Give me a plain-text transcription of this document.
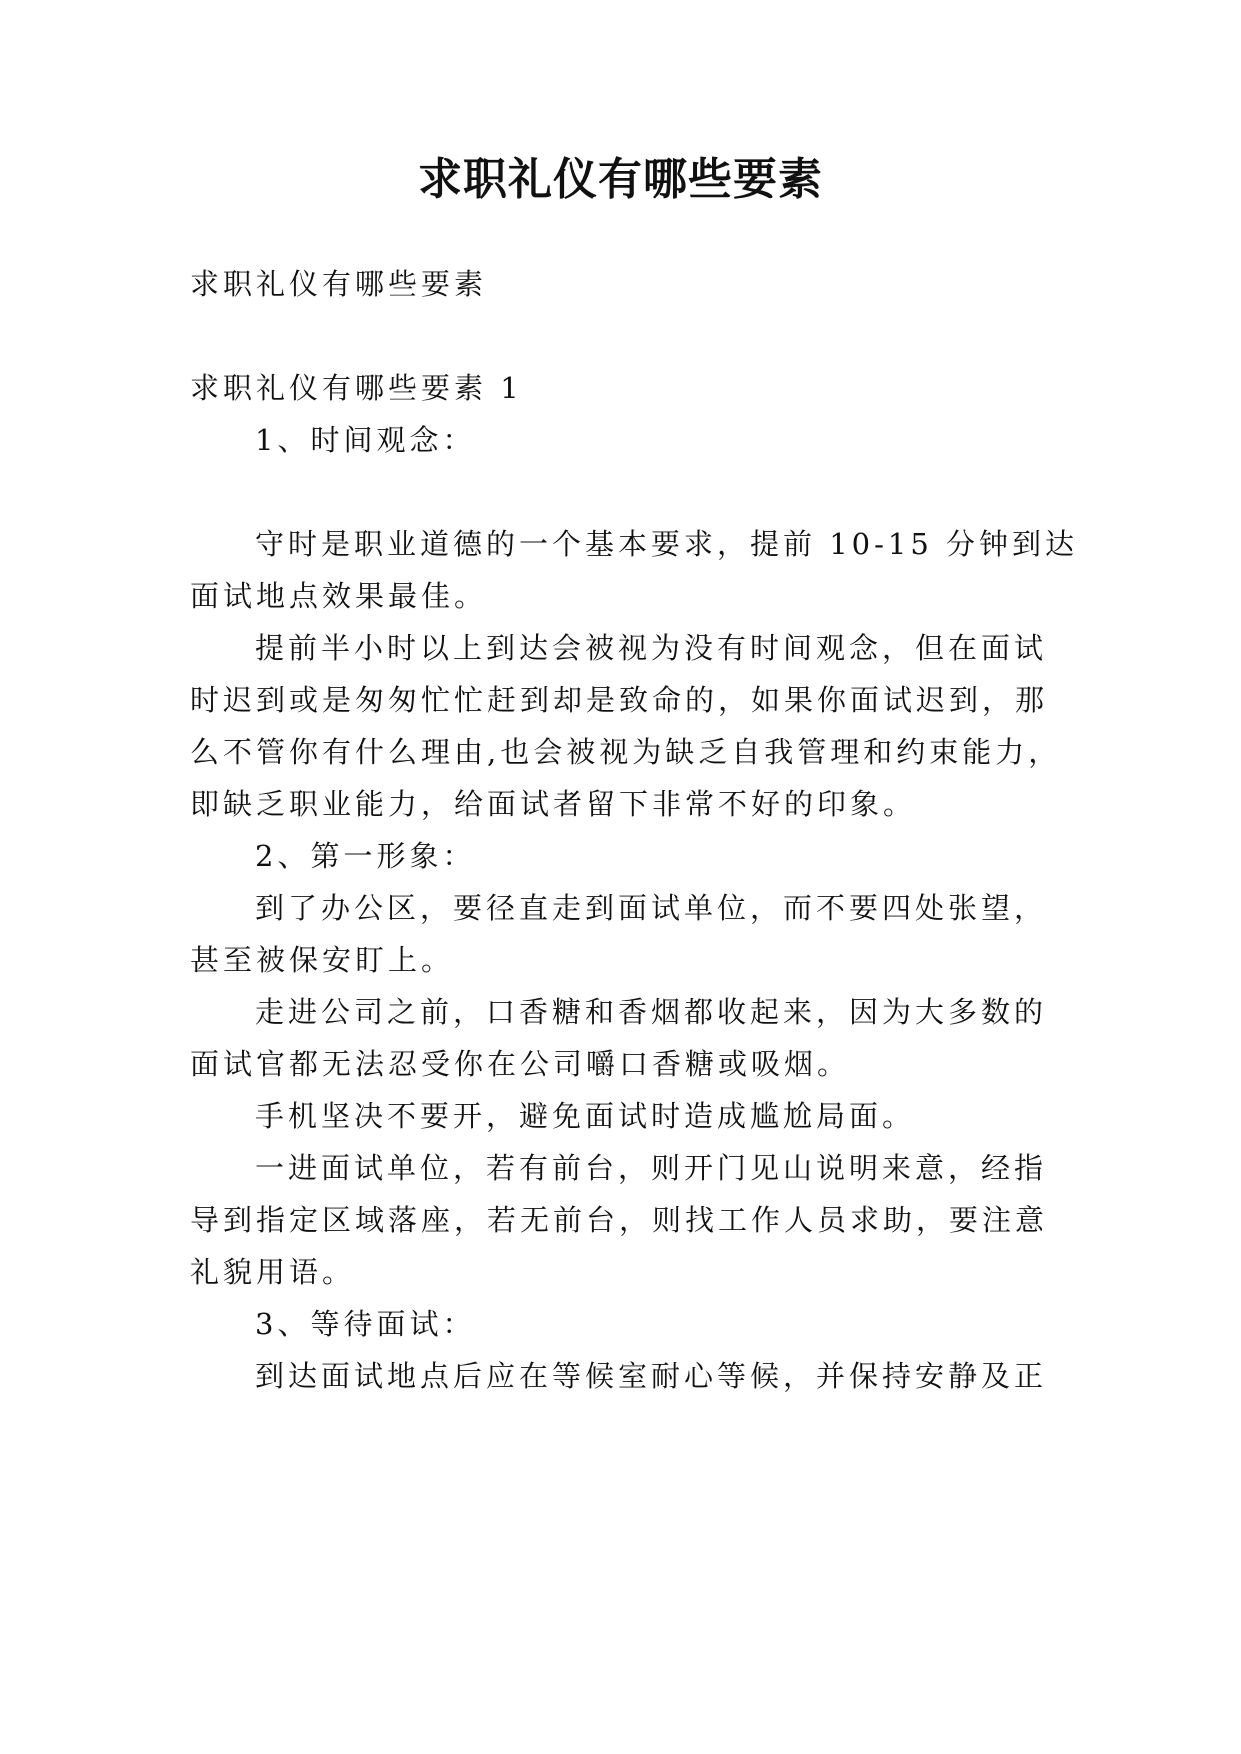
求职礼仪有哪些要素

求职礼仪有哪些要素

求职礼仪有哪些要素 1

1、时间观念：

守时是职业道德的一个基本要求，提前 10-15 分钟到达

面试地点效果最佳。

提前半小时以上到达会被视为没有时间观念，但在面试

时迟到或是匆匆忙忙赶到却是致命的，如果你面试迟到，那

么不管你有什么理由,也会被视为缺乏自我管理和约束能力，

即缺乏职业能力，给面试者留下非常不好的印象。

2、第一形象：

到了办公区，要径直走到面试单位，而不要四处张望，

甚至被保安盯上。

走进公司之前，口香糖和香烟都收起来，因为大多数的

面试官都无法忍受你在公司嚼口香糖或吸烟。

手机坚决不要开，避免面试时造成尴尬局面。

一进面试单位，若有前台，则开门见山说明来意，经指

导到指定区域落座，若无前台，则找工作人员求助，要注意

礼貌用语。

3、等待面试：

到达面试地点后应在等候室耐心等候，并保持安静及正
